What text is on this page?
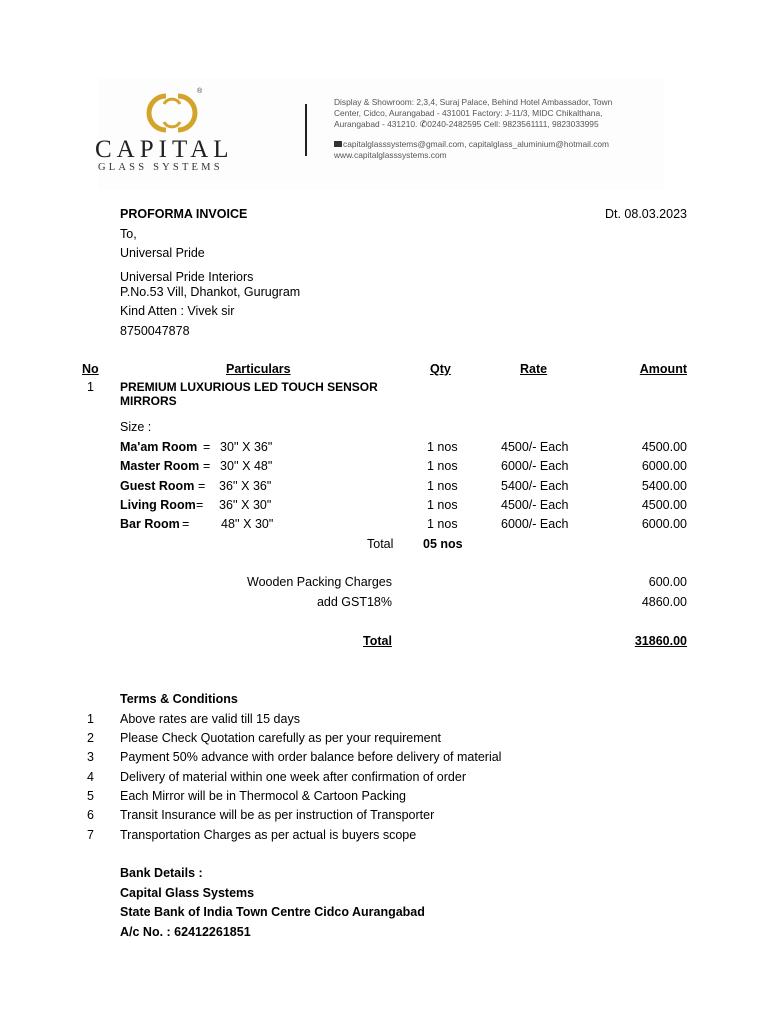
®
CAPITAL
GLASS SYSTEMS
Display & Showroom: 2,3,4, Suraj Palace, Behind Hotel Ambassador, Town
Center, Cidco, Aurangabad - 431001 Factory: J-11/3, MIDC Chikalthana,
Aurangabad - 431210. ✆0240-2482595 Cell: 9823561111, 9823033995
capitalglasssystems@gmail.com, capitalglass_aluminium@hotmail.com
www.capitalglasssystems.com
PROFORMA INVOICE	Dt. 08.03.2023
To,
Universal Pride
Universal Pride Interiors
P.No.53 Vill, Dhankot, Gurugram
Kind Atten : Vivek sir
8750047878
No	Particulars	Qty	Rate	Amount
1 PREMIUM LUXURIOUS LED TOUCH SENSOR
MIRRORS
Size :
Ma'am Room = 30'' X 36"	1 nos	4500/- Each	4500.00
Master Room = 30'' X 48"	1 nos	6000/- Each	6000.00
Guest Room = 36'' X 36"	1 nos	5400/- Each	5400.00
Living Room = 36'' X 30"	1 nos	4500/- Each	4500.00
Bar Room =	48'' X 30"	1 nos	6000/- Each	6000.00
Total 05 nos
Wooden Packing Charges	600.00
add GST18%	4860.00
Total	31860.00
Terms & Conditions
1 Above rates are valid till 15 days
2 Please Check Quotation carefully as per your requirement
3 Payment 50% advance with order balance before delivery of material
4 Delivery of material within one week after confirmation of order
5 Each Mirror will be in Thermocol & Cartoon Packing
6 Transit Insurance will be as per instruction of Transporter
7 Transportation Charges as per actual is buyers scope
Bank Details :
Capital Glass Systems
State Bank of India Town Centre Cidco Aurangabad
A/c No. : 62412261851
